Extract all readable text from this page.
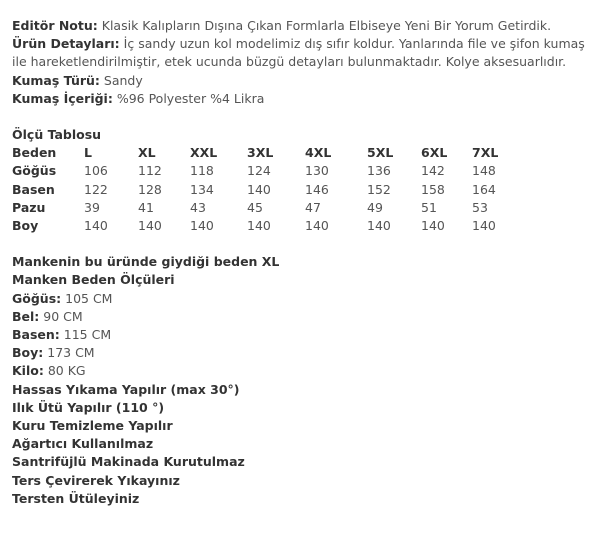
Editör Notu: Klasik Kalıpların Dışına Çıkan Formlarla Elbiseye Yeni Bir Yorum Getirdik.
Ürün Detayları: İç sandy uzun kol modelimiz dış sıfır koldur. Yanlarında file ve şifon kumaş ile hareketlendirilmiştir, etek ucunda büzgü detayları bulunmaktadır. Kolye aksesuarlıdır.
Kumaş Türü: Sandy
Kumaş İçeriği: %96 Polyester %4 Likra
Ölçü Tablosu
Beden	L	XL	XXL	3XL	4XL	5XL	6XL	7XL
Göğüs	106	112	118	124	130	136	142	148
Basen	122	128	134	140	146	152	158	164
Pazu	39	41	43	45	47	49	51	53
Boy	140	140	140	140	140	140	140	140
Mankenin bu üründe giydiği beden XL
Manken Beden Ölçüleri
Göğüs: 105 CM
Bel: 90 CM
Basen: 115 CM
Boy: 173 CM
Kilo: 80 KG
Hassas Yıkama Yapılır (max 30°)
Ilık Ütü Yapılır (110 °)
Kuru Temizleme Yapılır
Ağartıcı Kullanılmaz
Santrifüjlü Makinada Kurutulmaz
Ters Çevirerek Yıkayınız
Tersten Ütüleyiniz
